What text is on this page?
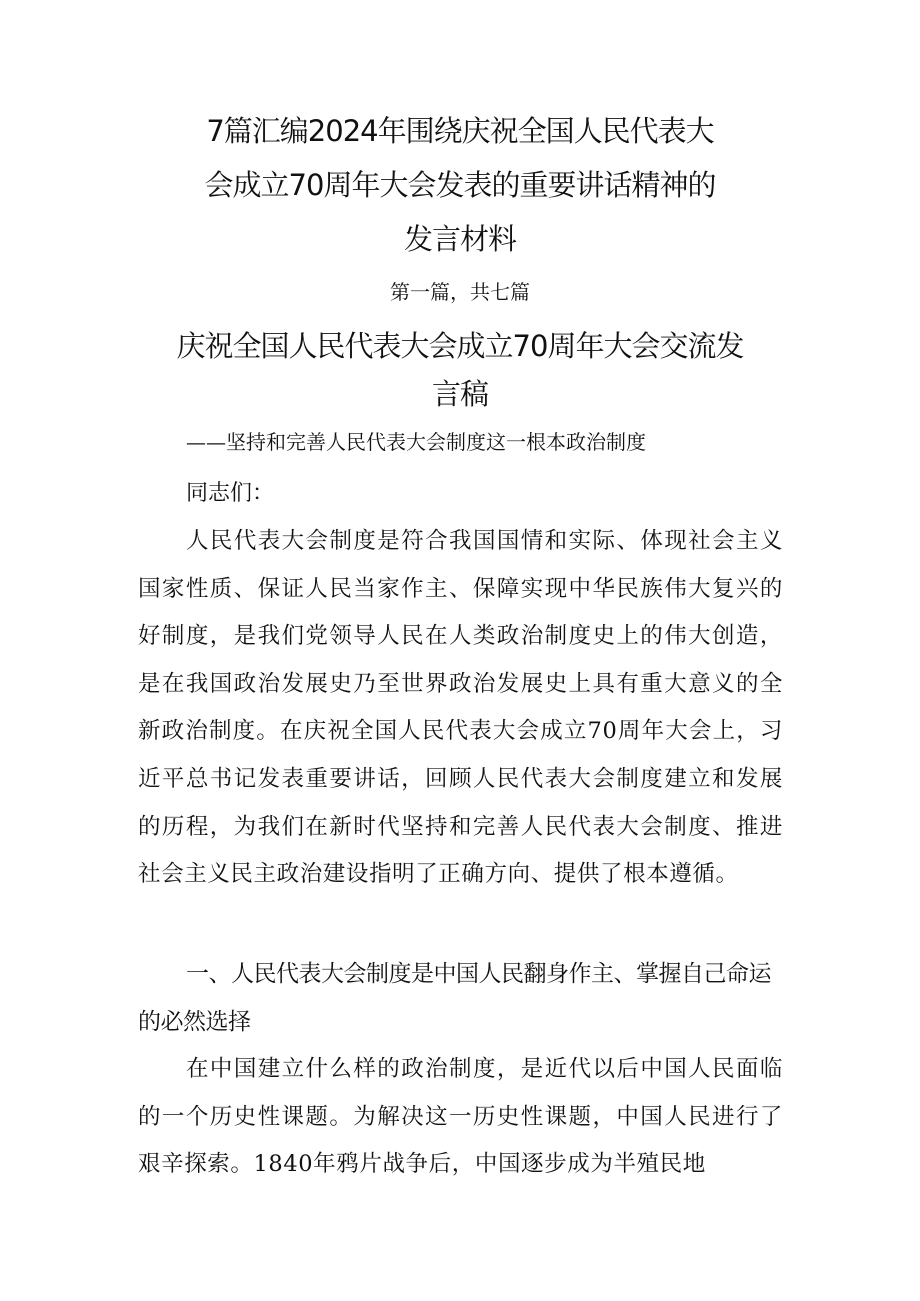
7篇汇编2024年围绕庆祝全国人民代表大
会成立70周年大会发表的重要讲话精神的
发言材料
第一篇，共七篇
庆祝全国人民代表大会成立70周年大会交流发
言稿
——坚持和完善人民代表大会制度这一根本政治制度
同志们：

人民代表大会制度是符合我国国情和实际、体现社会主义国家性质、保证人民当家作主、保障实现中华民族伟大复兴的好制度，是我们党领导人民在人类政治制度史上的伟大创造，是在我国政治发展史乃至世界政治发展史上具有重大意义的全新政治制度。在庆祝全国人民代表大会成立70周年大会上，习近平总书记发表重要讲话，回顾人民代表大会制度建立和发展的历程，为我们在新时代坚持和完善人民代表大会制度、推进社会主义民主政治建设指明了正确方向、提供了根本遵循。

一、人民代表大会制度是中国人民翻身作主、掌握自己命运的必然选择

在中国建立什么样的政治制度，是近代以后中国人民面临的一个历史性课题。为解决这一历史性课题，中国人民进行了艰辛探索。1840年鸦片战争后，中国逐步成为半殖民地
